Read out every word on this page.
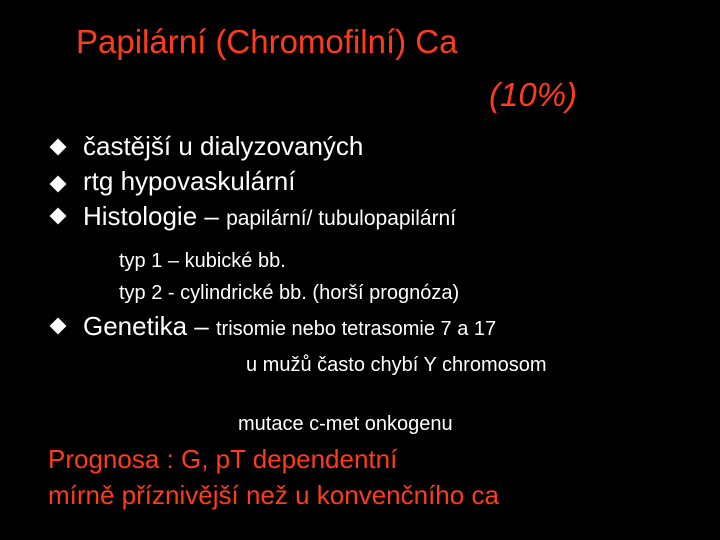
Papilární (Chromofilní) Ca
(10%)
častější u dialyzovaných
rtg hypovaskulární
Histologie – papilární/ tubulopapilární
typ 1 – kubické bb.
typ 2 - cylindrické bb. (horší prognóza)
Genetika – trisomie nebo tetrasomie 7 a 17
u mužů často chybí Y chromosom
mutace c-met onkogenu
Prognosa : G, pT dependentní
mírně příznivější než u konvenčního ca
